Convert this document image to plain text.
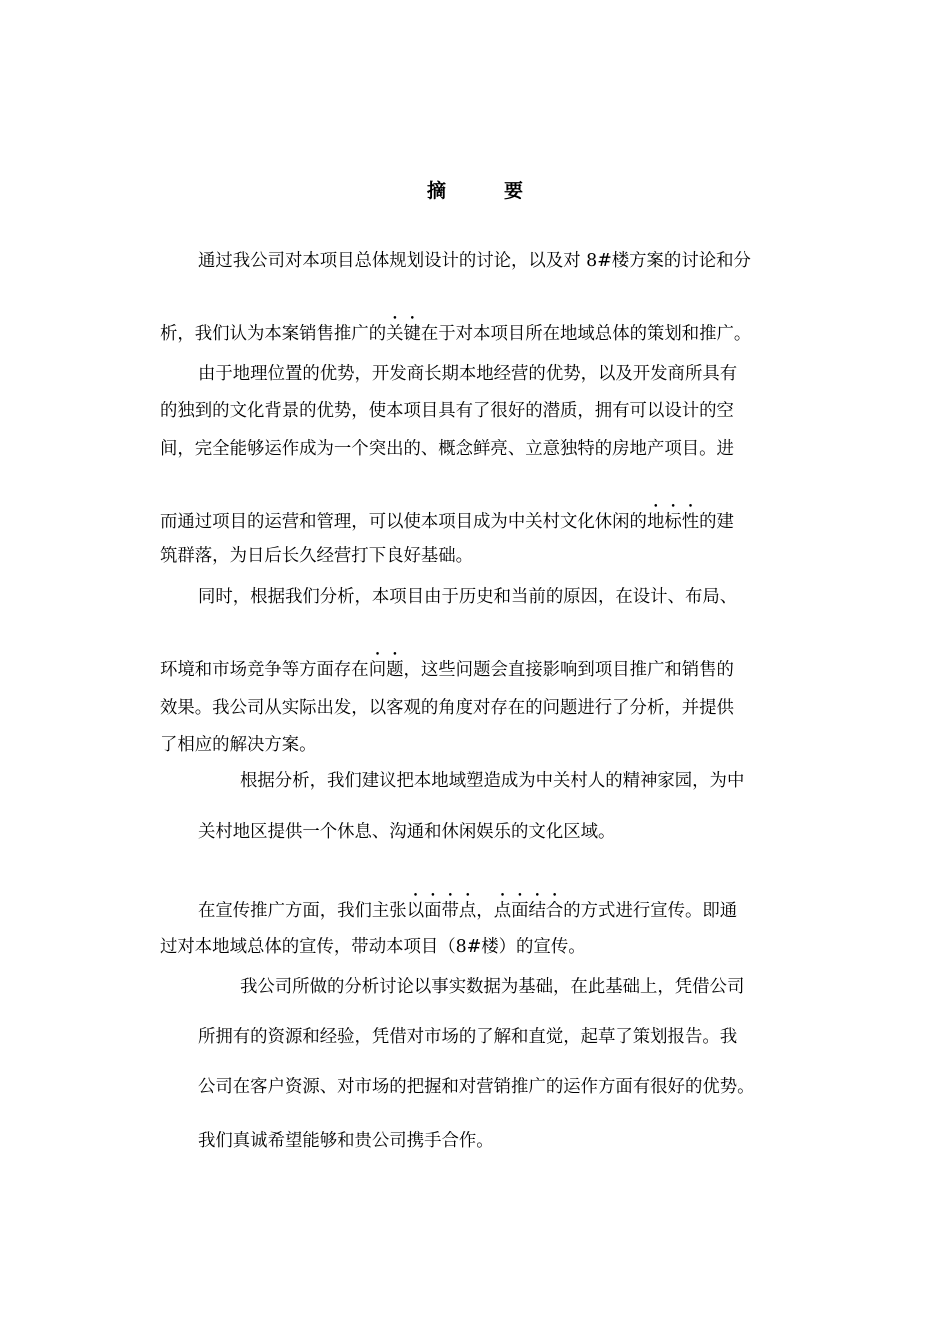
摘	要
通过我公司对本项目总体规划设计的讨论，以及对 8#楼方案的讨论和分
析，我们认为本案销售推广的关键在于对本项目所在地域总体的策划和推广。
由于地理位置的优势，开发商长期本地经营的优势，以及开发商所具有
的独到的文化背景的优势，使本项目具有了很好的潜质，拥有可以设计的空
间，完全能够运作成为一个突出的、概念鲜亮、立意独特的房地产项目。进
而通过项目的运营和管理，可以使本项目成为中关村文化休闲的地标性的建
筑群落，为日后长久经营打下良好基础。
同时，根据我们分析，本项目由于历史和当前的原因，在设计、布局、
环境和市场竞争等方面存在问题，这些问题会直接影响到项目推广和销售的
效果。我公司从实际出发，以客观的角度对存在的问题进行了分析，并提供
了相应的解决方案。
根据分析，我们建议把本地域塑造成为中关村人的精神家园，为中
关村地区提供一个休息、沟通和休闲娱乐的文化区域。
在宣传推广方面，我们主张以面带点，点面结合的方式进行宣传。即通
过对本地域总体的宣传，带动本项目（8#楼）的宣传。
我公司所做的分析讨论以事实数据为基础，在此基础上，凭借公司
所拥有的资源和经验，凭借对市场的了解和直觉，起草了策划报告。我
公司在客户资源、对市场的把握和对营销推广的运作方面有很好的优势。
我们真诚希望能够和贵公司携手合作。
